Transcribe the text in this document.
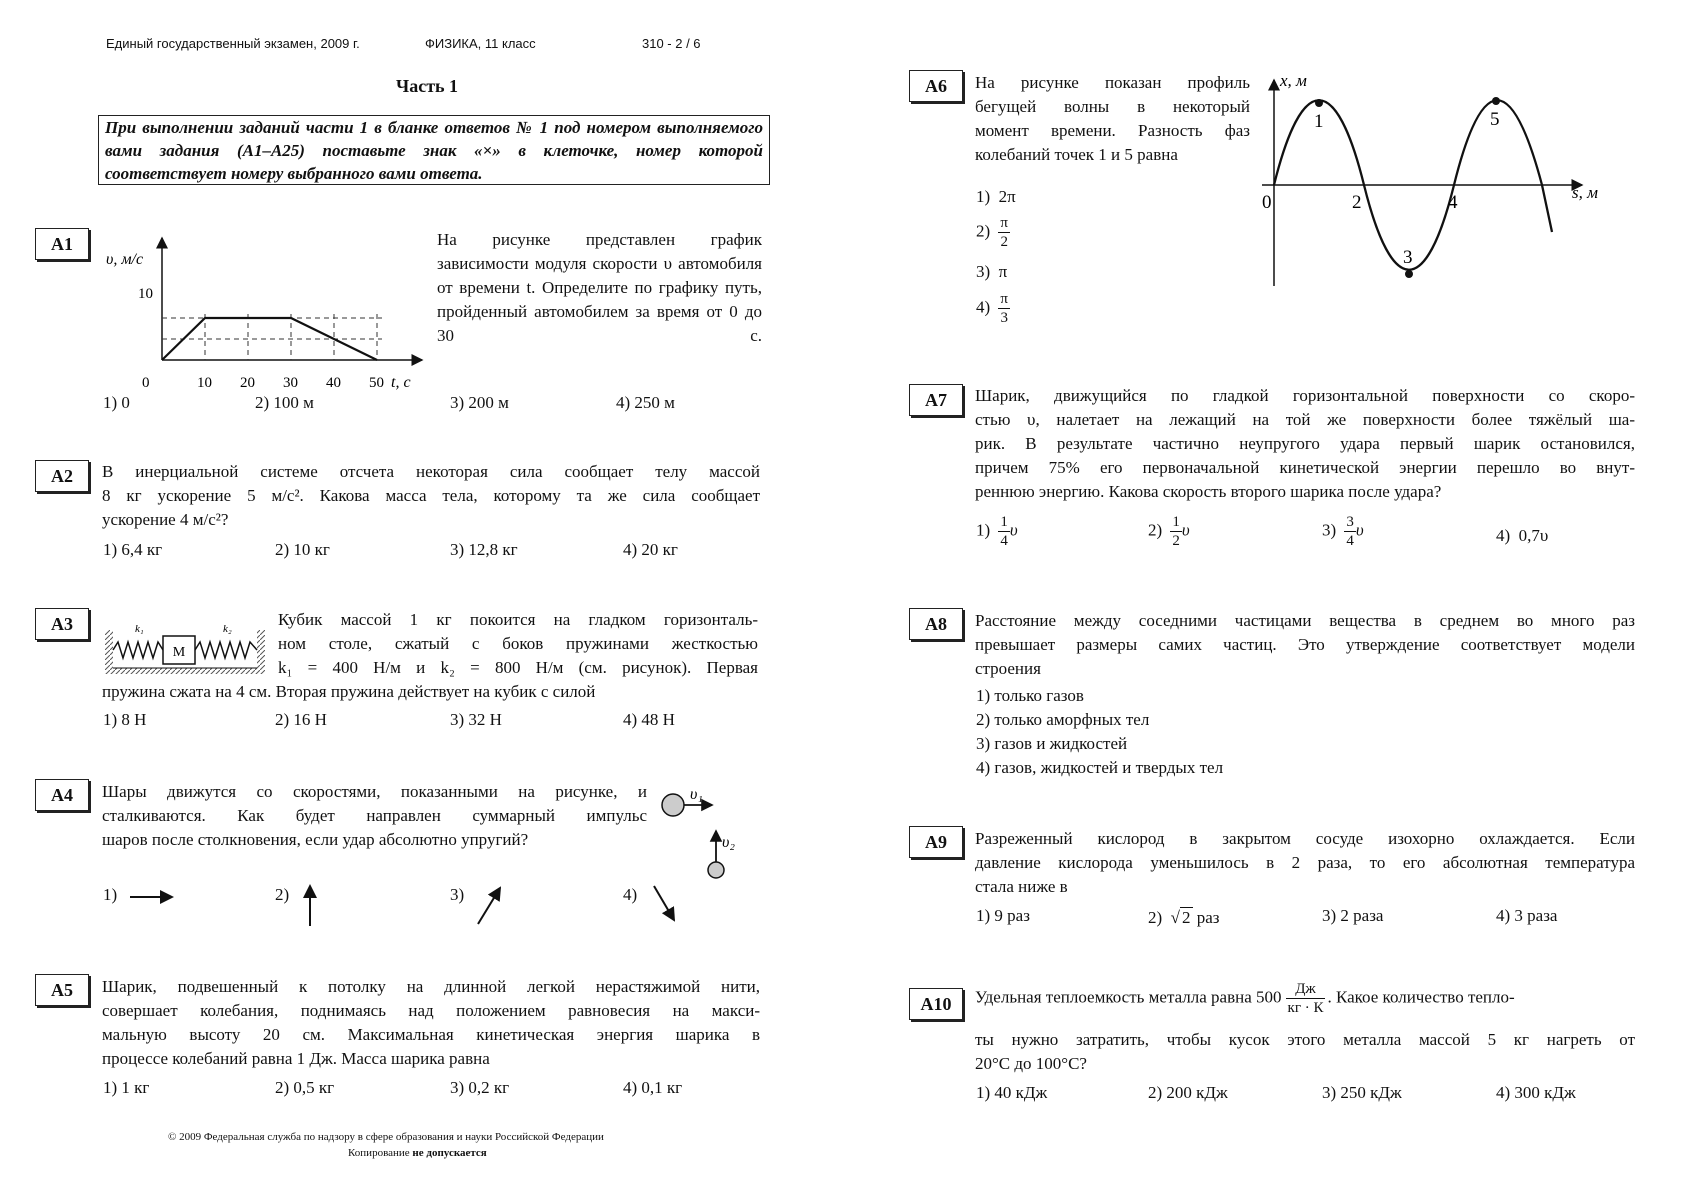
Единый государственный экзамен, 2009 г.	ФИЗИКА, 11 класс	310 - 2 / 6
Часть 1
При выполнении заданий части 1 в бланке ответов № 1 под номером выполняемого вами задания (А1–А25) поставьте знак «×» в клеточке, номер которой соответствует номеру выбранного вами ответа.
A1
υ, м/с
10
0	10 20 30 40 50 t, с
На рисунке представлен график зависимости модуля скорости υ автомобиля от времени t. Определите по графику путь, пройденный автомобилем за время от 0 до 30 с.
1) 0	2) 100 м	3) 200 м	4) 250 м
A2	В инерциальной системе отсчета некоторая сила сообщает телу массой
8 кг ускорение 5 м/с². Какова масса тела, которому та же сила сообщает
ускорение 4 м/с²?
1) 6,4 кг	2) 10 кг	3) 12,8 кг	4) 20 кг
A3
M
k₁	k₂	Кубик массой 1 кг покоится на гладком горизонталь-
ном столе, сжатый с боков пружинами жесткостью
k₁ = 400 Н/м и k₂ = 800 Н/м (см. рисунок). Первая
пружина сжата на 4 см. Вторая пружина действует на кубик с силой
1) 8 Н	2) 16 Н	3) 32 Н	4) 48 Н
A4	Шары движутся со скоростями, показанными на рисунке, и
сталкиваются. Как будет направлен суммарный импульс
шаров после столкновения, если удар абсолютно упругий?
υ₁
υ₂
1)	2)	3)	4)
A5	Шарик, подвешенный к потолку на длинной легкой нерастяжимой нити,
совершает колебания, поднимаясь над положением равновесия на макси-
мальную высоту 20 см. Максимальная кинетическая энергия шарика в
процессе колебаний равна 1 Дж. Масса шарика равна
1) 1 кг	2) 0,5 кг	3) 0,2 кг	4) 0,1 кг
© 2009 Федеральная служба по надзору в сфере образования и науки Российской Федерации
Копирование не допускается
A6	На рисунке показан профиль
бегущей волны в некоторый
момент времени. Разность фаз
колебаний точек 1 и 5 равна
1) 2π
$2) \frac{\pi}{2}$
3) π
$4) \frac{\pi}{3}$
x, м
s, м
0
1
2
3
4
5
A7	Шарик, движущийся по гладкой горизонтальной поверхности со скоро-
стью υ, налетает на лежащий на той же поверхности более тяжёлый ша-
рик. В результате частично неупругого удара первый шарик остановился,
причем 75% его первоначальной кинетической энергии перешло во внут-
реннюю энергию. Какова скорость второго шарика после удара?
$1) \frac{1}{4}$ υ	$2) \frac{1}{2}$ υ	$3) \frac{3}{4}$ υ	4) 0,7υ
A8	Расстояние между соседними частицами вещества в среднем во много раз
превышает размеры самих частиц. Это утверждение соответствует модели
строения
1) только газов
2) только аморфных тел
3) газов и жидкостей
4) газов, жидкостей и твердых тел
A9	Разреженный кислород в закрытом сосуде изохорно охлаждается. Если
давление кислорода уменьшилось в 2 раза, то его абсолютная температура
стала ниже в
1) 9 раз	2)  √ 2 раз	3) 2 раза	4) 3 раза
A10	Удельная теплоемкость металла равна $500 \frac{Дж}{кг \cdot К}$ . Какое количество тепло-
ты нужно затратить, чтобы кусок этого металла массой 5 кг нагреть от
20°С до 100°С?
1) 40 кДж	2) 200 кДж	3) 250 кДж	4) 300 кДж
